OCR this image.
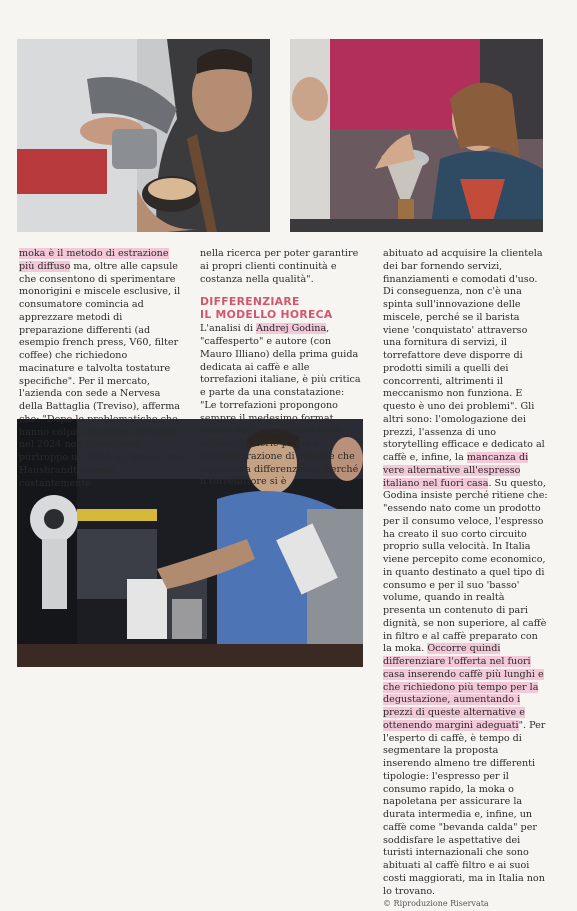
moka è il metodo di estrazione più diffuso ma, oltre alle capsule che consentono di sperimentare monorigini e miscele esclusive, il consumatore comincia ad apprezzare metodi di preparazione differenti (ad esempio french press, V60, filter coffee) che richiedono macinature e talvolta tostature specifiche". Per il mercato, l'azienda con sede a Nervesa della Battaglia (Treviso), afferma che: "Dopo le problematiche che hanno colpito il settore del caffè nel 2024 non attendiamo purtroppo un 2025 in ripresa, ma Hausbrandt investe costantemente

nella ricerca per poter garantire ai propri clienti continuità e costanza nella qualità".

DIFFERENZIARE
IL MODELLO HORECA

L'analisi di Andrej Godina, "caffesperto" e autore (con Mauro Illiano) della prima guida dedicata ai caffè e alle torrefazioni italiane, è più critica e parte da una constatazione: "Le torrefazioni propongono sempre il medesimo format, basato sui selezionatori delle migliori materie prime e sull'elaborazione di miscele che stentano a differenziarsi, perché il torrefattore si è

abituato ad acquisire la clientela dei bar fornendo servizi, finanziamenti e comodati d'uso. Di conseguenza, non c'è una spinta sull'innovazione delle miscele, perché se il barista viene 'conquistato' attraverso una fornitura di servizi, il torrefattore deve disporre di prodotti simili a quelli dei concorrenti, altrimenti il meccanismo non funziona. E questo è uno dei problemi". Gli altri sono: l'omologazione dei prezzi, l'assenza di uno storytelling efficace e dedicato al caffè e, infine, la mancanza di vere alternative all'espresso italiano nel fuori casa. Su questo, Godina insiste perché ritiene che: "essendo nato come un prodotto per il consumo veloce, l'espresso ha creato il suo corto circuito proprio sulla velocità. In Italia viene percepito come economico, in quanto destinato a quel tipo di consumo e per il suo 'basso' volume, quando in realtà presenta un contenuto di pari dignità, se non superiore, al caffè in filtro e al caffè preparato con la moka. Occorre quindi differenziare l'offerta nel fuori casa inserendo caffè più lunghi e che richiedono più tempo per la degustazione, aumentando i prezzi di queste alternative e ottenendo margini adeguati". Per l'esperto di caffè, è tempo di segmentare la proposta inserendo almeno tre differenti tipologie: l'espresso per il consumo rapido, la moka o napoletana per assicurare la durata intermedia e, infine, un caffè come "bevanda calda" per soddisfare le aspettative dei turisti internazionali che sono abituati al caffè filtro e ai suoi costi maggiorati, ma in Italia non lo trovano.

© Riproduzione Riservata
